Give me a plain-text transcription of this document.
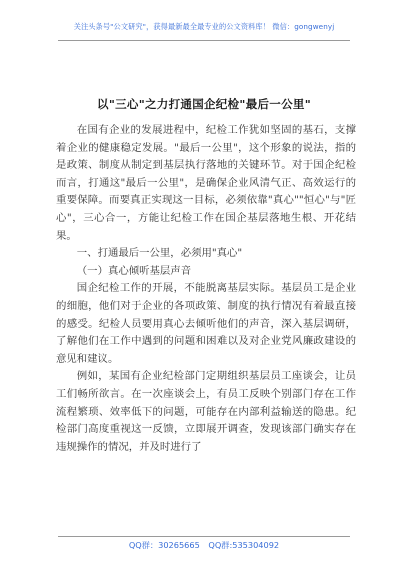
关注头条号"公文研究"，获得最新最全最专业的公文资料库！ 微信：gongwenyj
以"三心"之力打通国企纪检"最后一公里"

在国有企业的发展进程中，纪检工作犹如坚固的基石，支撑着企业的健康稳定发展。"最后一公里"，这个形象的说法，指的是政策、制度从制定到基层执行落地的关键环节。对于国企纪检而言，打通这"最后一公里"，是确保企业风清气正、高效运行的重要保障。而要真正实现这一目标，必须依靠"真心""恒心"与"匠心"，三心合一，方能让纪检工作在国企基层落地生根、开花结果。

一、打通最后一公里，必须用"真心"

（一）真心倾听基层声音

国企纪检工作的开展，不能脱离基层实际。基层员工是企业的细胞，他们对于企业的各项政策、制度的执行情况有着最直接的感受。纪检人员要用真心去倾听他们的声音，深入基层调研，了解他们在工作中遇到的问题和困难以及对企业党风廉政建设的意见和建议。

例如，某国有企业纪检部门定期组织基层员工座谈会，让员工们畅所欲言。在一次座谈会上，有员工反映个别部门存在工作流程繁琐、效率低下的问题，可能存在内部利益输送的隐患。纪检部门高度重视这一反馈，立即展开调查，发现该部门确实存在违规操作的情况，并及时进行了

QQ群：30265665 QQ群:535304092
